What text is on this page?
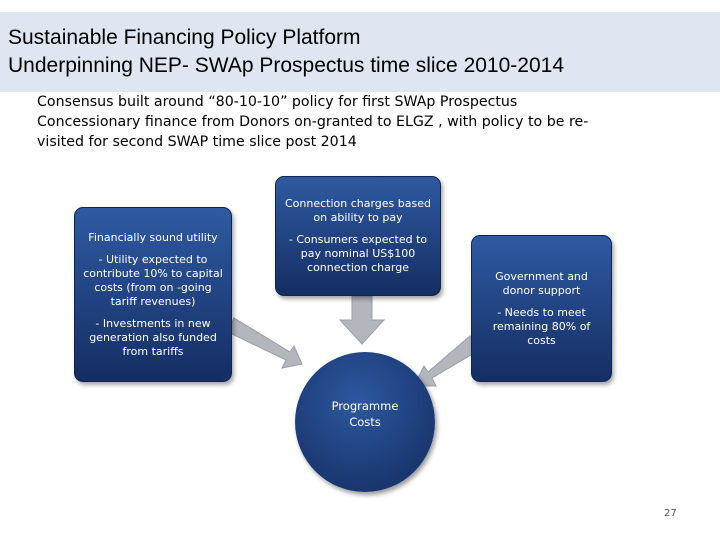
Sustainable Financing Policy Platform
Underpinning NEP- SWAp Prospectus time slice 2010-2014
Consensus built around “80-10-10” policy for first SWAp Prospectus
Concessionary finance from Donors on-granted to ELGZ , with policy to be re-
visited for second SWAP time slice post 2014
Financially sound utility
- Utility expected to contribute 10% to capital costs (from on -going tariff revenues)
- Investments in new generation also funded from tariffs
Connection charges based on ability to pay
- Consumers expected to pay nominal US$100 connection charge
Government and donor support
- Needs to meet remaining 80% of costs
Programme Costs
27
